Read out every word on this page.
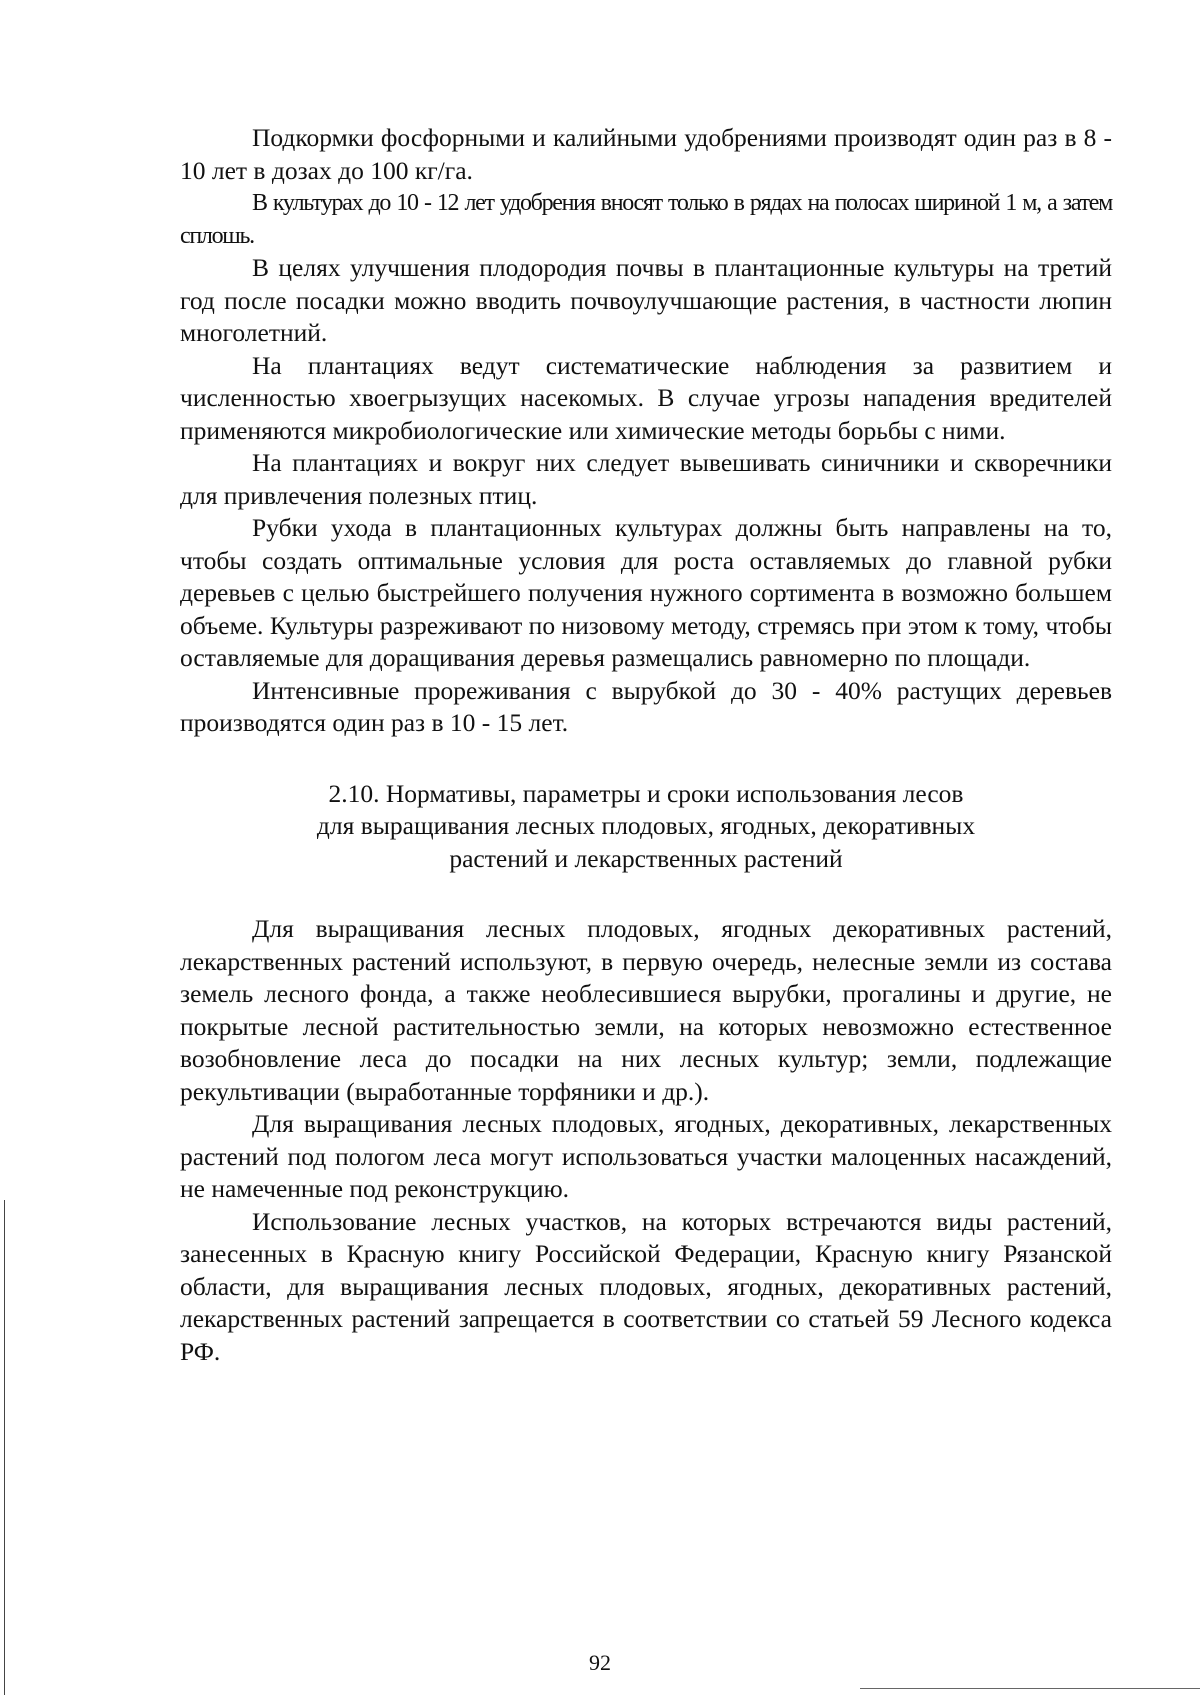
Подкормки фосфорными и калийными удобрениями производят один раз в 8 - 10 лет в дозах до 100 кг/га.

В культурах до 10 - 12 лет удобрения вносят только в рядах на полосах шириной 1 м, а затем сплошь.

В целях улучшения плодородия почвы в плантационные культуры на третий год после посадки можно вводить почвоулучшающие растения, в частности люпин многолетний.

На плантациях ведут систематические наблюдения за развитием и численностью хвоегрызущих насекомых. В случае угрозы нападения вредителей применяются микробиологические или химические методы борьбы с ними.

На плантациях и вокруг них следует вывешивать синичники и скворечники для привлечения полезных птиц.

Рубки ухода в плантационных культурах должны быть направлены на то, чтобы создать оптимальные условия для роста оставляемых до главной рубки деревьев с целью быстрейшего получения нужного сортимента в возможно большем объеме. Культуры разреживают по низовому методу, стремясь при этом к тому, чтобы оставляемые для доращивания деревья размещались равномерно по площади.

Интенсивные прореживания с вырубкой до 30 - 40% растущих деревьев производятся один раз в 10 - 15 лет.

2.10. Нормативы, параметры и сроки использования лесов
для выращивания лесных плодовых, ягодных, декоративных
растений и лекарственных растений

Для выращивания лесных плодовых, ягодных декоративных растений, лекарственных растений используют, в первую очередь, нелесные земли из состава земель лесного фонда, а также необлесившиеся вырубки, прогалины и другие, не покрытые лесной растительностью земли, на которых невозможно естественное возобновление леса до посадки на них лесных культур; земли, подлежащие рекультивации (выработанные торфяники и др.).

Для выращивания лесных плодовых, ягодных, декоративных, лекарственных растений под пологом леса могут использоваться участки малоценных насаждений, не намеченные под реконструкцию.

Использование лесных участков, на которых встречаются виды растений, занесенных в Красную книгу Российской Федерации, Красную книгу Рязанской области, для выращивания лесных плодовых, ягодных, декоративных растений, лекарственных растений запрещается в соответствии со статьей 59 Лесного кодекса РФ.

92
